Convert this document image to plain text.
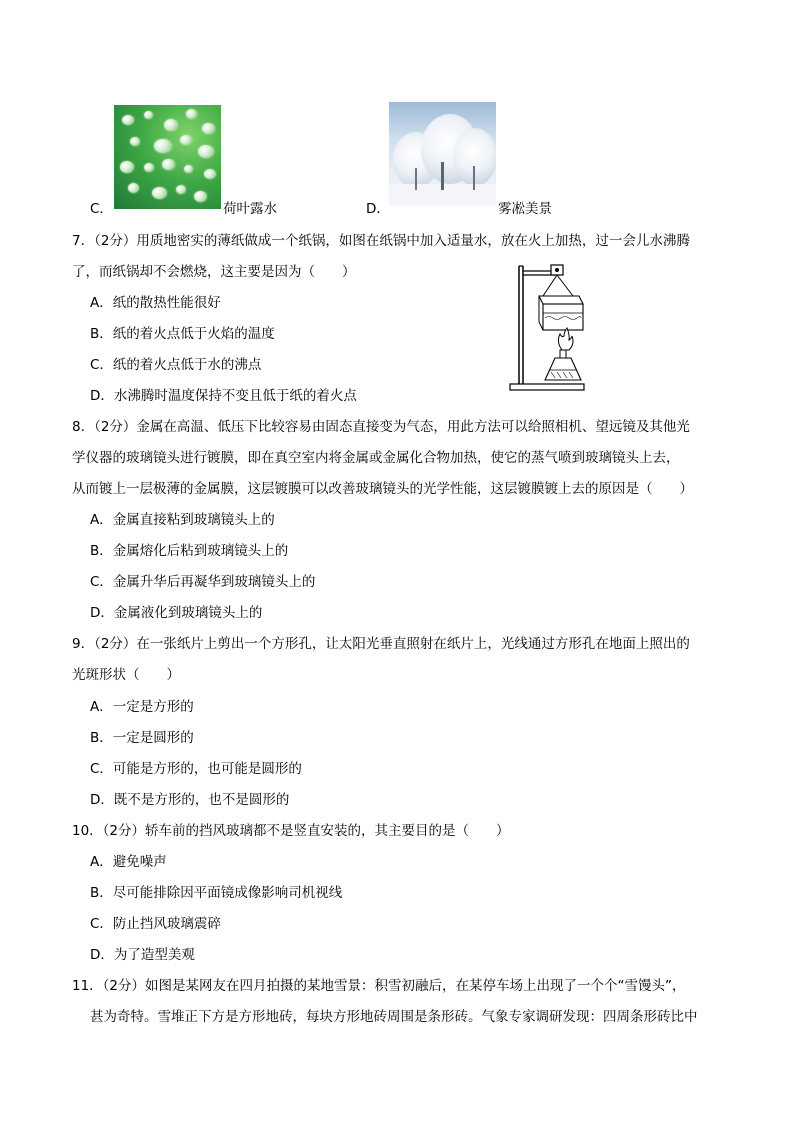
C．	荷叶露水	D．	雾凇美景
7．（2分）用质地密实的薄纸做成一个纸锅，如图在纸锅中加入适量水，放在火上加热，过一会儿水沸腾
了，而纸锅却不会燃烧，这主要是因为（　　）
A．纸的散热性能很好
B．纸的着火点低于火焰的温度
C．纸的着火点低于水的沸点
D．水沸腾时温度保持不变且低于纸的着火点
8．（2分）金属在高温、低压下比较容易由固态直接变为气态，用此方法可以给照相机、望远镜及其他光
学仪器的玻璃镜头进行镀膜，即在真空室内将金属或金属化合物加热，使它的蒸气喷到玻璃镜头上去，
从而镀上一层极薄的金属膜，这层镀膜可以改善玻璃镜头的光学性能，这层镀膜镀上去的原因是（　　）
A．金属直接粘到玻璃镜头上的
B．金属熔化后粘到玻璃镜头上的
C．金属升华后再凝华到玻璃镜头上的
D．金属液化到玻璃镜头上的
9．（2分）在一张纸片上剪出一个方形孔，让太阳光垂直照射在纸片上，光线通过方形孔在地面上照出的
光斑形状（　　）
A．一定是方形的
B．一定是圆形的
C．可能是方形的，也可能是圆形的
D．既不是方形的，也不是圆形的
10．（2分）轿车前的挡风玻璃都不是竖直安装的，其主要目的是（　　）
A．避免噪声
B．尽可能排除因平面镜成像影响司机视线
C．防止挡风玻璃震碎
D．为了造型美观
11．（2分）如图是某网友在四月拍摄的某地雪景：积雪初融后，在某停车场上出现了一个个“雪馒头”，
甚为奇特。雪堆正下方是方形地砖，每块方形地砖周围是条形砖。气象专家调研发现：四周条形砖比中
